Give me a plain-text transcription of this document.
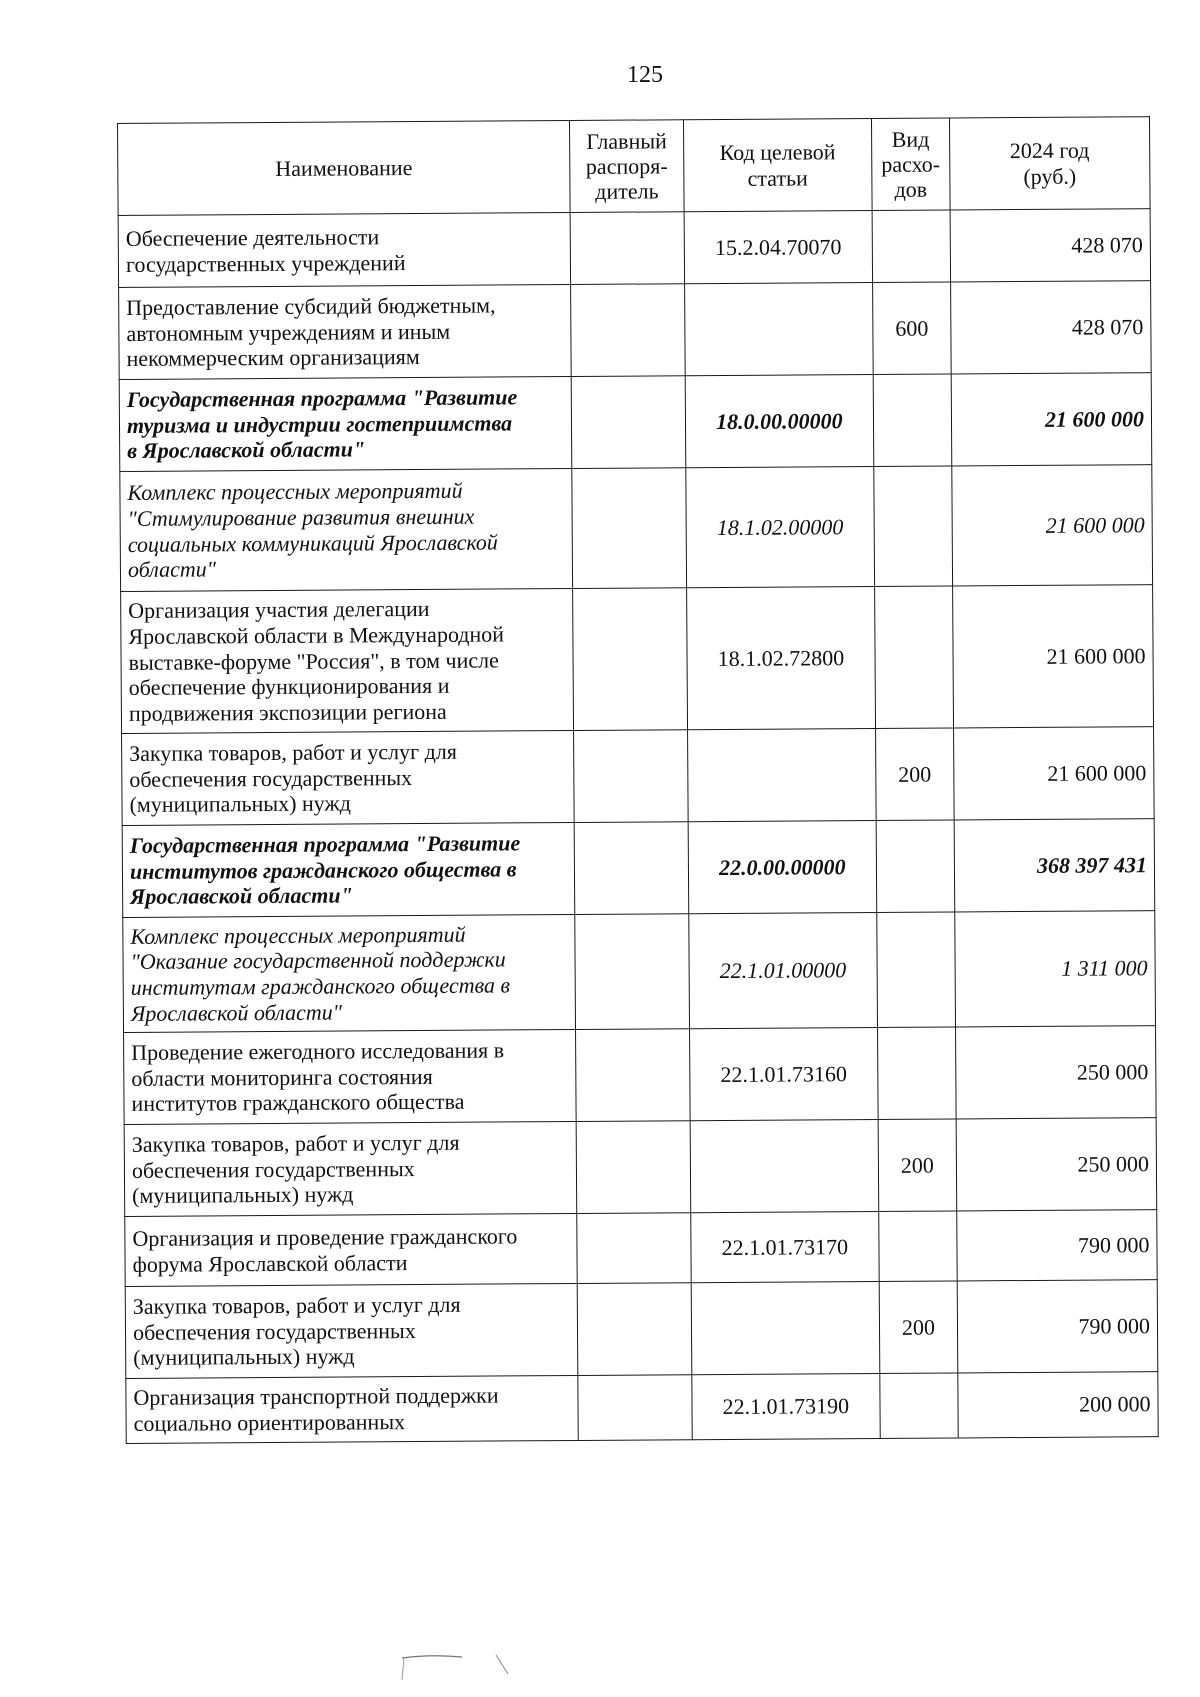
125
Наименование	Главный
распоря-
дитель	Код целевой
статьи	Вид
расхо-
дов	2024 год
(руб.)
Обеспечение деятельности
государственных учреждений		15.2.04.70070		428 070
Предоставление субсидий бюджетным,
автономным учреждениям и иным
некоммерческим организациям			600	428 070
Государственная программа "Развитие
туризма и индустрии гостеприимства
в Ярославской области"		18.0.00.00000		21 600 000
Комплекс процессных мероприятий
"Стимулирование развития внешних
социальных коммуникаций Ярославской
области"		18.1.02.00000		21 600 000
Организация участия делегации
Ярославской области в Международной
выставке-форуме "Россия", в том числе
обеспечение функционирования и
продвижения экспозиции региона		18.1.02.72800		21 600 000
Закупка товаров, работ и услуг для
обеспечения государственных
(муниципальных) нужд			200	21 600 000
Государственная программа "Развитие
институтов гражданского общества в
Ярославской области"		22.0.00.00000		368 397 431
Комплекс процессных мероприятий
"Оказание государственной поддержки
институтам гражданского общества в
Ярославской области"		22.1.01.00000		1 311 000
Проведение ежегодного исследования в
области мониторинга состояния
институтов гражданского общества		22.1.01.73160		250 000
Закупка товаров, работ и услуг для
обеспечения государственных
(муниципальных) нужд			200	250 000
Организация и проведение гражданского
форума Ярославской области		22.1.01.73170		790 000
Закупка товаров, работ и услуг для
обеспечения государственных
(муниципальных) нужд			200	790 000
Организация транспортной поддержки
социально ориентированных		22.1.01.73190		200 000
